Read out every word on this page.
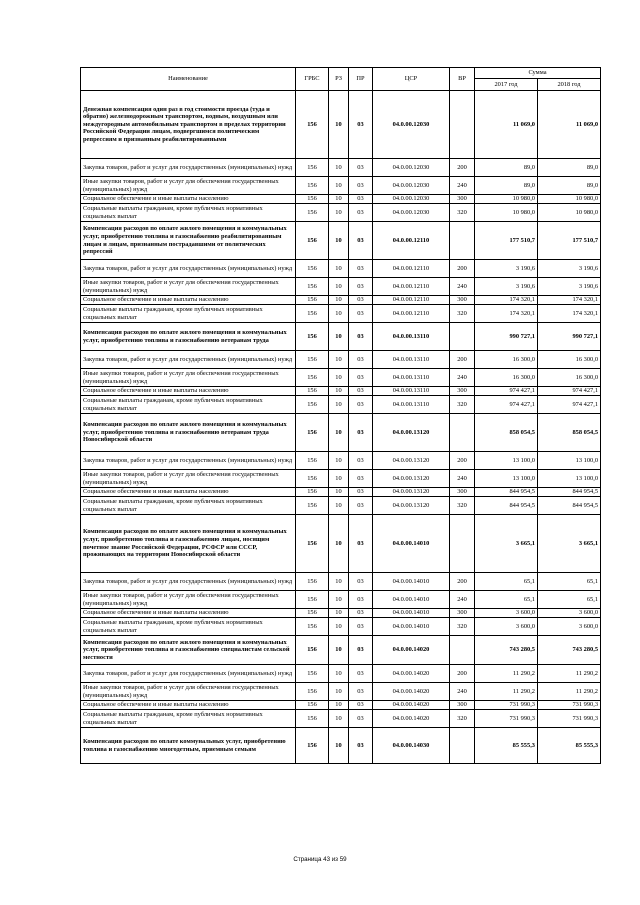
Наименование	ГРБС	РЗ	ПР	ЦСР	ВР	Сумма	
						2017 год	2018 год
Денежная компенсация один раз в год стоимости проезда (туда и обратно) железнодорожным транспортом, водным, воздушным или междугородным автомобильным транспортом в пределах территории Российской Федерации лицам, подвергшимся политическим репрессиям и признанным реабилитированными	156	10	03	04.0.00.12030		11 069,0	11 069,0
Закупка товаров, работ и услуг для государственных (муниципальных) нужд	156	10	03	04.0.00.12030	200	89,0	89,0
Иные закупки товаров, работ и услуг для обеспечения государственных (муниципальных) нужд	156	10	03	04.0.00.12030	240	89,0	89,0
Социальное обеспечение и иные выплаты населению	156	10	03	04.0.00.12030	300	10 980,0	10 980,0
Социальные выплаты гражданам, кроме публичных нормативных социальных выплат	156	10	03	04.0.00.12030	320	10 980,0	10 980,0
Компенсация расходов по оплате жилого помещения и коммунальных услуг, приобретению топлива и газоснабжению реабилитированным лицам и лицам, признанным пострадавшими от политических репрессий	156	10	03	04.0.00.12110		177 510,7	177 510,7
Закупка товаров, работ и услуг для государственных (муниципальных) нужд	156	10	03	04.0.00.12110	200	3 190,6	3 190,6
Иные закупки товаров, работ и услуг для обеспечения государственных (муниципальных) нужд	156	10	03	04.0.00.12110	240	3 190,6	3 190,6
Социальное обеспечение и иные выплаты населению	156	10	03	04.0.00.12110	300	174 320,1	174 320,1
Социальные выплаты гражданам, кроме публичных нормативных социальных выплат	156	10	03	04.0.00.12110	320	174 320,1	174 320,1
Компенсация расходов по оплате жилого помещения и коммунальных услуг, приобретению топлива и газоснабжению ветеранам труда	156	10	03	04.0.00.13110		990 727,1	990 727,1
Закупка товаров, работ и услуг для государственных (муниципальных) нужд	156	10	03	04.0.00.13110	200	16 300,0	16 300,0
Иные закупки товаров, работ и услуг для обеспечения государственных (муниципальных) нужд	156	10	03	04.0.00.13110	240	16 300,0	16 300,0
Социальное обеспечение и иные выплаты населению	156	10	03	04.0.00.13110	300	974 427,1	974 427,1
Социальные выплаты гражданам, кроме публичных нормативных социальных выплат	156	10	03	04.0.00.13110	320	974 427,1	974 427,1
Компенсация расходов по оплате жилого помещения и коммунальных услуг, приобретению топлива и газоснабжению ветеранам труда Новосибирской области	156	10	03	04.0.00.13120		858 054,5	858 054,5
Закупка товаров, работ и услуг для государственных (муниципальных) нужд	156	10	03	04.0.00.13120	200	13 100,0	13 100,0
Иные закупки товаров, работ и услуг для обеспечения государственных (муниципальных) нужд	156	10	03	04.0.00.13120	240	13 100,0	13 100,0
Социальное обеспечение и иные выплаты населению	156	10	03	04.0.00.13120	300	844 954,5	844 954,5
Социальные выплаты гражданам, кроме публичных нормативных социальных выплат	156	10	03	04.0.00.13120	320	844 954,5	844 954,5
Компенсация расходов по оплате жилого помещения и коммунальных услуг, приобретению топлива и газоснабжению лицам, носящим почетное звание Российской Федерации, РСФСР или СССР, проживающих на территории Новосибирской области	156	10	03	04.0.00.14010		3 665,1	3 665,1
Закупка товаров, работ и услуг для государственных (муниципальных) нужд	156	10	03	04.0.00.14010	200	65,1	65,1
Иные закупки товаров, работ и услуг для обеспечения государственных (муниципальных) нужд	156	10	03	04.0.00.14010	240	65,1	65,1
Социальное обеспечение и иные выплаты населению	156	10	03	04.0.00.14010	300	3 600,0	3 600,0
Социальные выплаты гражданам, кроме публичных нормативных социальных выплат	156	10	03	04.0.00.14010	320	3 600,0	3 600,0
Компенсация расходов по оплате жилого помещения и коммунальных услуг, приобретению топлива и газоснабжению специалистам сельской местности	156	10	03	04.0.00.14020		743 280,5	743 280,5
Закупка товаров, работ и услуг для государственных (муниципальных) нужд	156	10	03	04.0.00.14020	200	11 290,2	11 290,2
Иные закупки товаров, работ и услуг для обеспечения государственных (муниципальных) нужд	156	10	03	04.0.00.14020	240	11 290,2	11 290,2
Социальное обеспечение и иные выплаты населению	156	10	03	04.0.00.14020	300	731 990,3	731 990,3
Социальные выплаты гражданам, кроме публичных нормативных социальных выплат	156	10	03	04.0.00.14020	320	731 990,3	731 990,3
Компенсация расходов по оплате коммунальных услуг, приобретению топлива и газоснабжению многодетным, приемным семьям	156	10	03	04.0.00.14030		85 555,3	85 555,3
Страница 43 из 59
